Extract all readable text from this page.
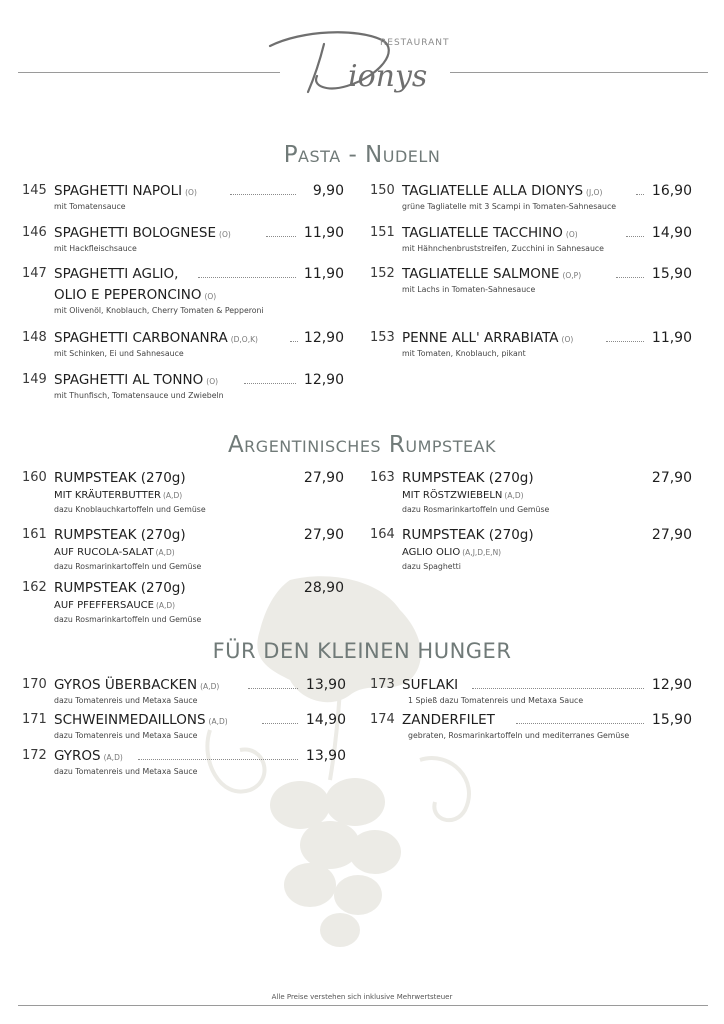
ionys
RESTAURANT
Pasta - Nudeln
145 SPAGHETTI NAPOLI (O)	9,90
mit Tomatensauce
146 SPAGHETTI BOLOGNESE (O)	11,90
mit Hackfleischsauce
147 SPAGHETTI AGLIO,	11,90
OLIO E PEPERONCINO (O)
mit Olivenöl, Knoblauch, Cherry Tomaten & Pepperoni
148 SPAGHETTI CARBONANRA (D,O,K)	12,90
mit Schinken, Ei und Sahnesauce
149 SPAGHETTI AL TONNO (O)	12,90
mit Thunfisch, Tomatensauce und Zwiebeln
150 TAGLIATELLE ALLA DIONYS (J,O)	16,90
grüne Tagliatelle mit 3 Scampi in Tomaten-Sahnesauce
151 TAGLIATELLE TACCHINO (O)	14,90
mit Hähnchenbruststreifen, Zucchini in Sahnesauce
152 TAGLIATELLE SALMONE (O,P)	15,90
mit Lachs in Tomaten-Sahnesauce
153 PENNE ALL' ARRABIATA (O)	11,90
mit Tomaten, Knoblauch, pikant
Argentinisches Rumpsteak
160 RUMPSTEAK (270g)	27,90
MIT KRÄUTERBUTTER (A,D)
dazu Knoblauchkartoffeln und Gemüse
161 RUMPSTEAK (270g)	27,90
AUF RUCOLA-SALAT (A,D)
dazu Rosmarinkartoffeln und Gemüse
162 RUMPSTEAK (270g)	28,90
AUF PFEFFERSAUCE (A,D)
dazu Rosmarinkartoffeln und Gemüse
163 RUMPSTEAK (270g)	27,90
MIT RÖSTZWIEBELN (A,D)
dazu Rosmarinkartoffeln und Gemüse
164 RUMPSTEAK (270g)	27,90
AGLIO OLIO (A,J,D,E,N)
dazu Spaghetti
FÜR DEN KLEINEN HUNGER
170 GYROS ÜBERBACKEN (A,D)	13,90
dazu Tomatenreis und Metaxa Sauce
171 SCHWEINMEDAILLONS (A,D)	14,90
dazu Tomatenreis und Metaxa Sauce
172 GYROS (A,D)	13,90
dazu Tomatenreis und Metaxa Sauce
173 SUFLAKI	12,90
1 Spieß dazu Tomatenreis und Metaxa Sauce
174 ZANDERFILET	15,90
gebraten, Rosmarinkartoffeln und mediterranes Gemüse
Alle Preise verstehen sich inklusive Mehrwertsteuer
